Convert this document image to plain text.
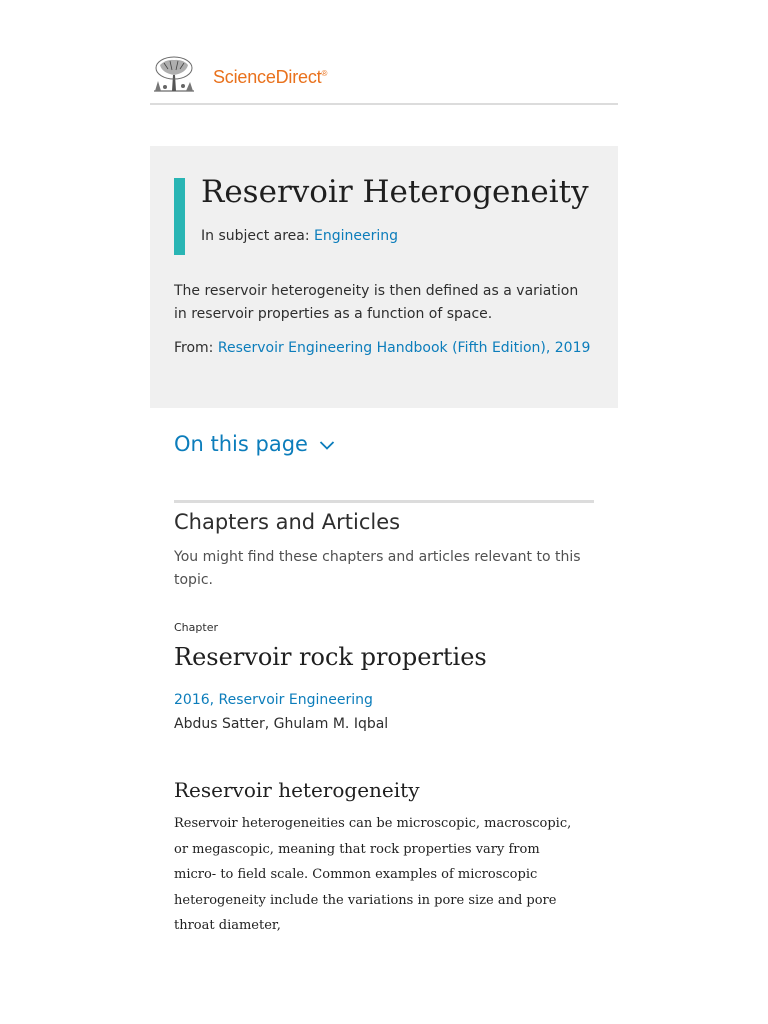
ScienceDirect®
Reservoir Heterogeneity
In subject area: Engineering
The reservoir heterogeneity is then defined as a variation in reservoir properties as a function of space.
From: Reservoir Engineering Handbook (Fifth Edition), 2019
On this page
Chapters and Articles
You might find these chapters and articles relevant to this topic.
Chapter
Reservoir rock properties
2016, Reservoir Engineering
Abdus Satter, Ghulam M. Iqbal
Reservoir heterogeneity
Reservoir heterogeneities can be microscopic, macroscopic, or megascopic, meaning that rock properties vary from micro- to field scale. Common examples of microscopic heterogeneity include the variations in pore size and pore throat diameter,
